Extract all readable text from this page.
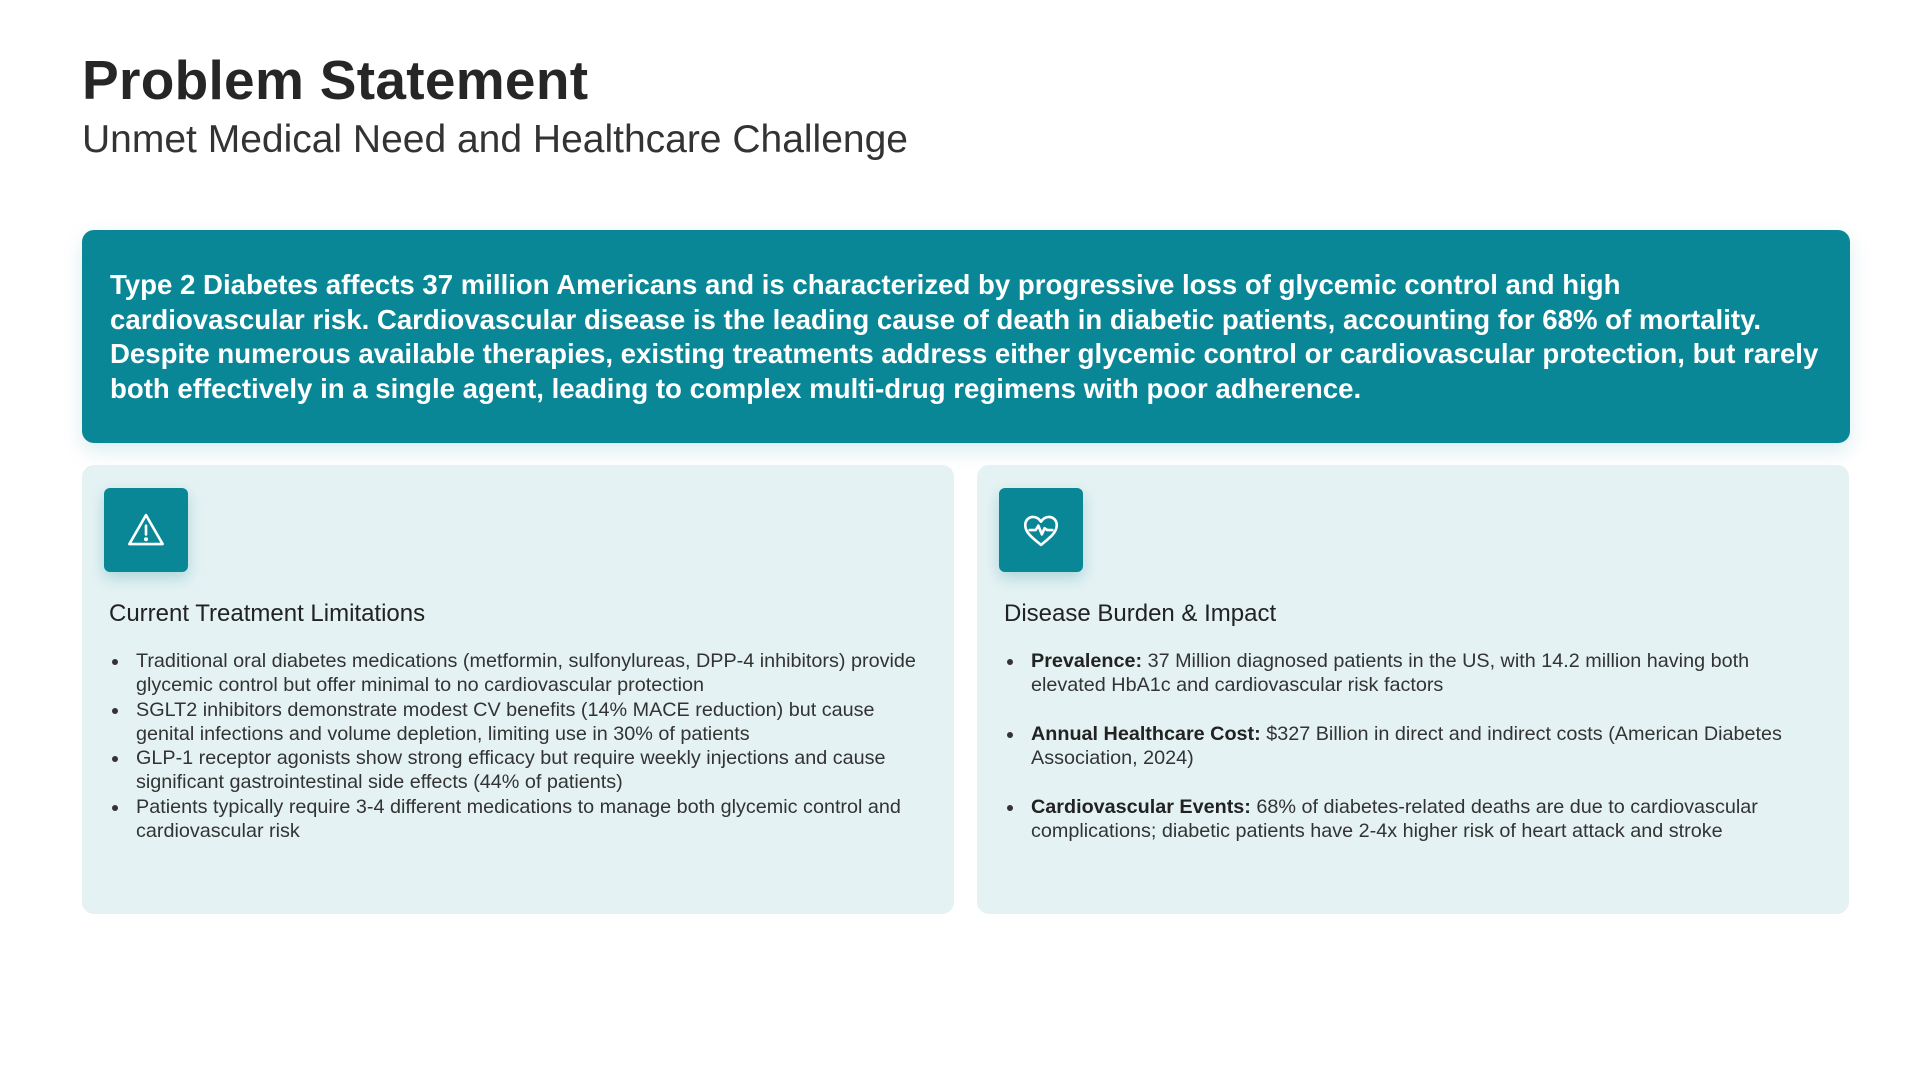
Problem Statement
Unmet Medical Need and Healthcare Challenge

Type 2 Diabetes affects 37 million Americans and is characterized by progressive loss of glycemic control and high cardiovascular risk. Cardiovascular disease is the leading cause of death in diabetic patients, accounting for 68% of mortality. Despite numerous available therapies, existing treatments address either glycemic control or cardiovascular protection, but rarely both effectively in a single agent, leading to complex multi-drug regimens with poor adherence.

Current Treatment Limitations
Traditional oral diabetes medications (metformin, sulfonylureas, DPP-4 inhibitors) provide glycemic control but offer minimal to no cardiovascular protection
SGLT2 inhibitors demonstrate modest CV benefits (14% MACE reduction) but cause genital infections and volume depletion, limiting use in 30% of patients
GLP-1 receptor agonists show strong efficacy but require weekly injections and cause significant gastrointestinal side effects (44% of patients)
Patients typically require 3-4 different medications to manage both glycemic control and cardiovascular risk
Disease Burden & Impact
Prevalence: 37 Million diagnosed patients in the US, with 14.2 million having both elevated HbA1c and cardiovascular risk factors
Annual Healthcare Cost: $327 Billion in direct and indirect costs (American Diabetes Association, 2024)
Cardiovascular Events: 68% of diabetes-related deaths are due to cardiovascular complications; diabetic patients have 2-4x higher risk of heart attack and stroke
